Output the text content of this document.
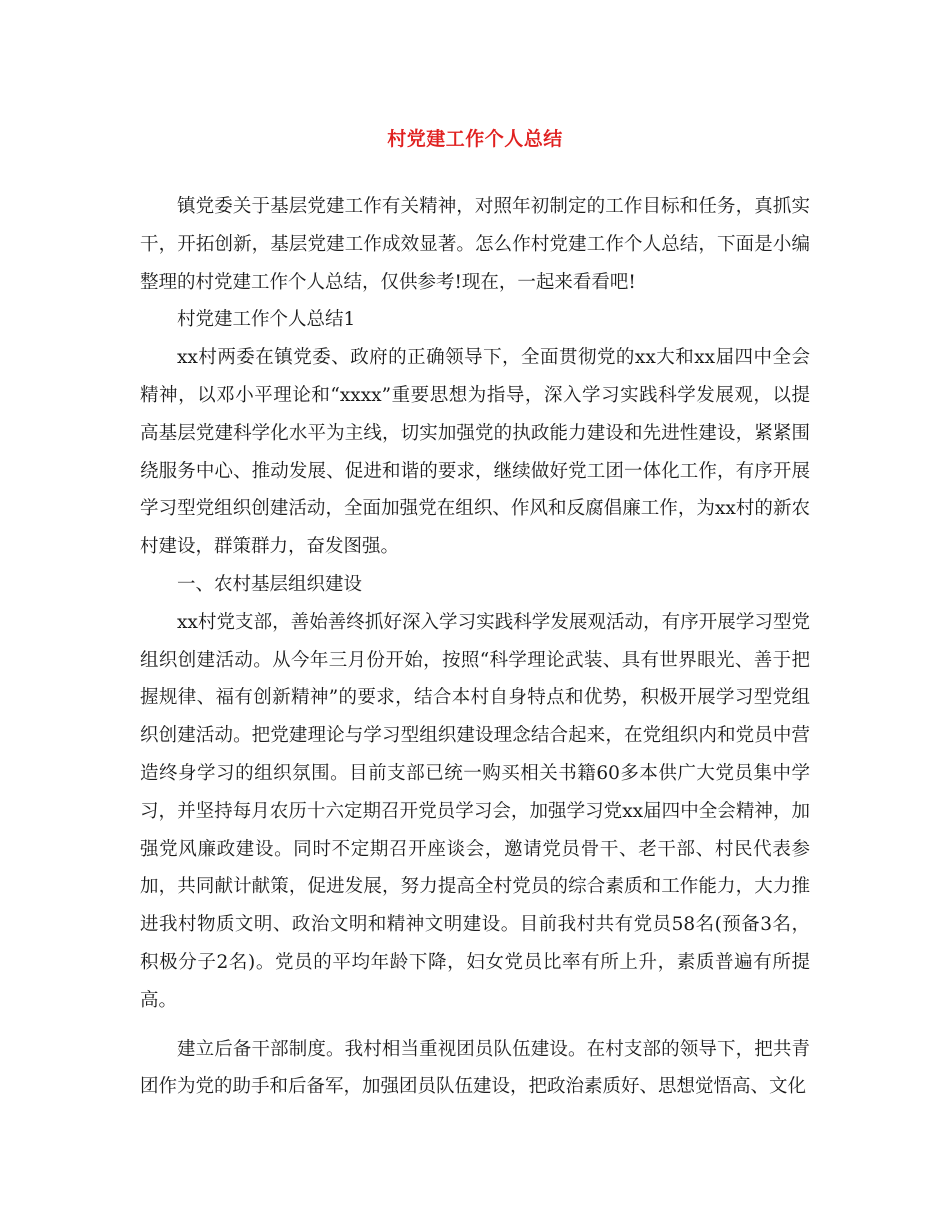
村党建工作个人总结

镇党委关于基层党建工作有关精神，对照年初制定的工作目标和任务，真抓实干，开拓创新，基层党建工作成效显著。怎么作村党建工作个人总结，下面是小编整理的村党建工作个人总结，仅供参考!现在，一起来看看吧!

村党建工作个人总结1

xx村两委在镇党委、政府的正确领导下，全面贯彻党的xx大和xx届四中全会精神，以邓小平理论和“xxxx”重要思想为指导，深入学习实践科学发展观，以提高基层党建科学化水平为主线，切实加强党的执政能力建设和先进性建设，紧紧围绕服务中心、推动发展、促进和谐的要求，继续做好党工团一体化工作，有序开展学习型党组织创建活动，全面加强党在组织、作风和反腐倡廉工作，为xx村的新农村建设，群策群力，奋发图强。

一、农村基层组织建设

xx村党支部，善始善终抓好深入学习实践科学发展观活动，有序开展学习型党组织创建活动。从今年三月份开始，按照“科学理论武装、具有世界眼光、善于把握规律、福有创新精神”的要求，结合本村自身特点和优势，积极开展学习型党组织创建活动。把党建理论与学习型组织建设理念结合起来，在党组织内和党员中营造终身学习的组织氛围。目前支部已统一购买相关书籍60多本供广大党员集中学习，并坚持每月农历十六定期召开党员学习会，加强学习党xx届四中全会精神，加强党风廉政建设。同时不定期召开座谈会，邀请党员骨干、老干部、村民代表参加，共同献计献策，促进发展，努力提高全村党员的综合素质和工作能力，大力推进我村物质文明、政治文明和精神文明建设。目前我村共有党员58名(预备3名，积极分子2名)。党员的平均年龄下降，妇女党员比率有所上升，素质普遍有所提高。

建立后备干部制度。我村相当重视团员队伍建设。在村支部的领导下，把共青团作为党的助手和后备军，加强团员队伍建设，把政治素质好、思想觉悟高、文化
